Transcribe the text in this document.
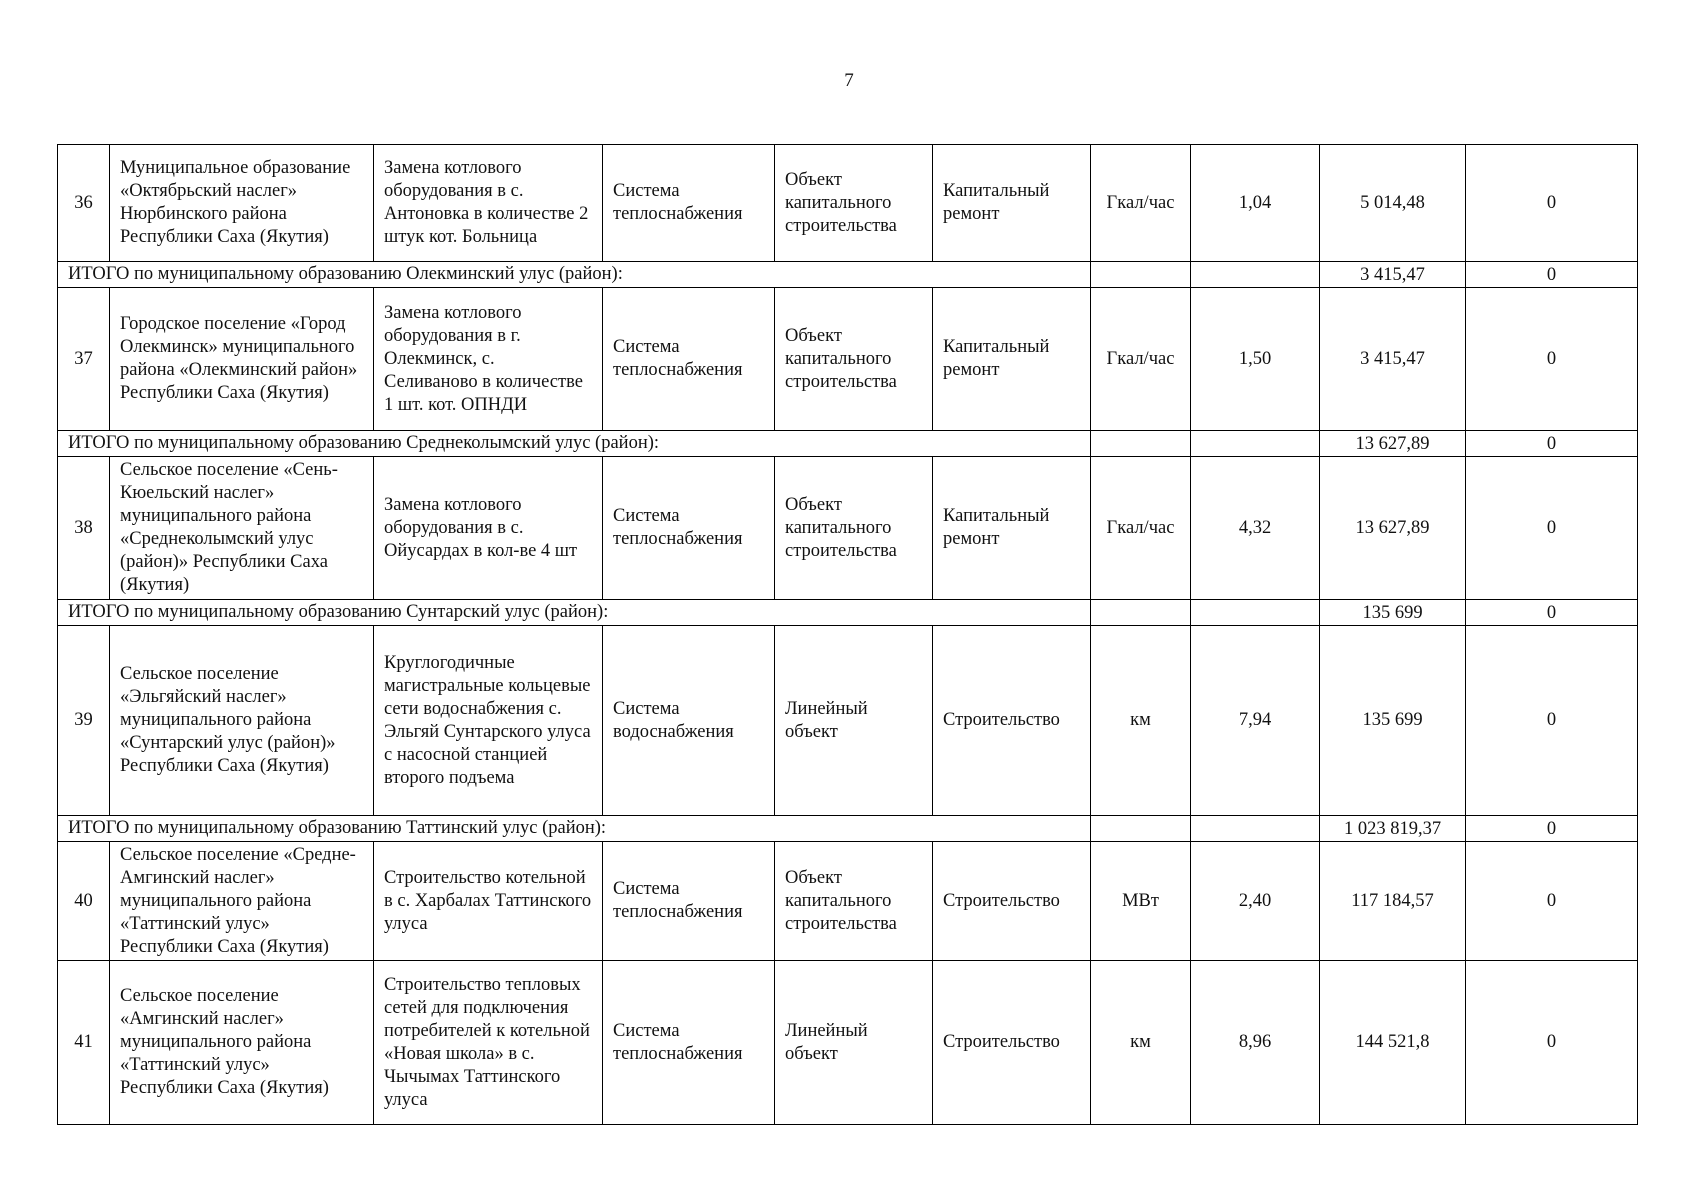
7
36	Муниципальное образование «Октябрьский наслег» Нюрбинского района Республики Саха (Якутия)	Замена котлового оборудования в с. Антоновка в количестве 2 штук кот. Больница	Система теплоснабжения	Объект капитального строительства	Капитальный ремонт	Гкал/час	1,04	5 014,48	0
ИТОГО по муниципальному образованию Олекминский улус (район):								3 415,47	0
37	Городское поселение «Город Олекминск» муниципального района «Олекминский район» Республики Саха (Якутия)	Замена котлового оборудования в г. Олекминск, с. Селиваново в количестве 1 шт. кот. ОПНДИ	Система теплоснабжения	Объект капитального строительства	Капитальный ремонт	Гкал/час	1,50	3 415,47	0
ИТОГО по муниципальному образованию Среднеколымский улус (район):								13 627,89	0
38	Сельское поселение «Сень-Кюельский наслег» муниципального района «Среднеколымский улус (район)» Республики Саха (Якутия)	Замена котлового оборудования в с. Ойусардах в кол-ве 4 шт	Система теплоснабжения	Объект капитального строительства	Капитальный ремонт	Гкал/час	4,32	13 627,89	0
ИТОГО по муниципальному образованию Сунтарский улус (район):								135 699	0
39	Сельское поселение «Эльгяйский наслег» муниципального района «Сунтарский улус (район)» Республики Саха (Якутия)	Круглогодичные магистральные кольцевые сети водоснабжения с. Эльгяй Сунтарского улуса с насосной станцией второго подъема	Система водоснабжения	Линейный объект	Строительство	км	7,94	135 699	0
ИТОГО по муниципальному образованию Таттинский улус (район):								1 023 819,37	0
40	Сельское поселение «Средне-Амгинский наслег» муниципального района «Таттинский улус» Республики Саха (Якутия)	Строительство котельной в с. Харбалах Таттинского улуса	Система теплоснабжения	Объект капитального строительства	Строительство	МВт	2,40	117 184,57	0
41	Сельское поселение «Амгинский наслег» муниципального района «Таттинский улус» Республики Саха (Якутия)	Строительство тепловых сетей для подключения потребителей к котельной «Новая школа» в с. Чычымах Таттинского улуса	Система теплоснабжения	Линейный объект	Строительство	км	8,96	144 521,8	0
